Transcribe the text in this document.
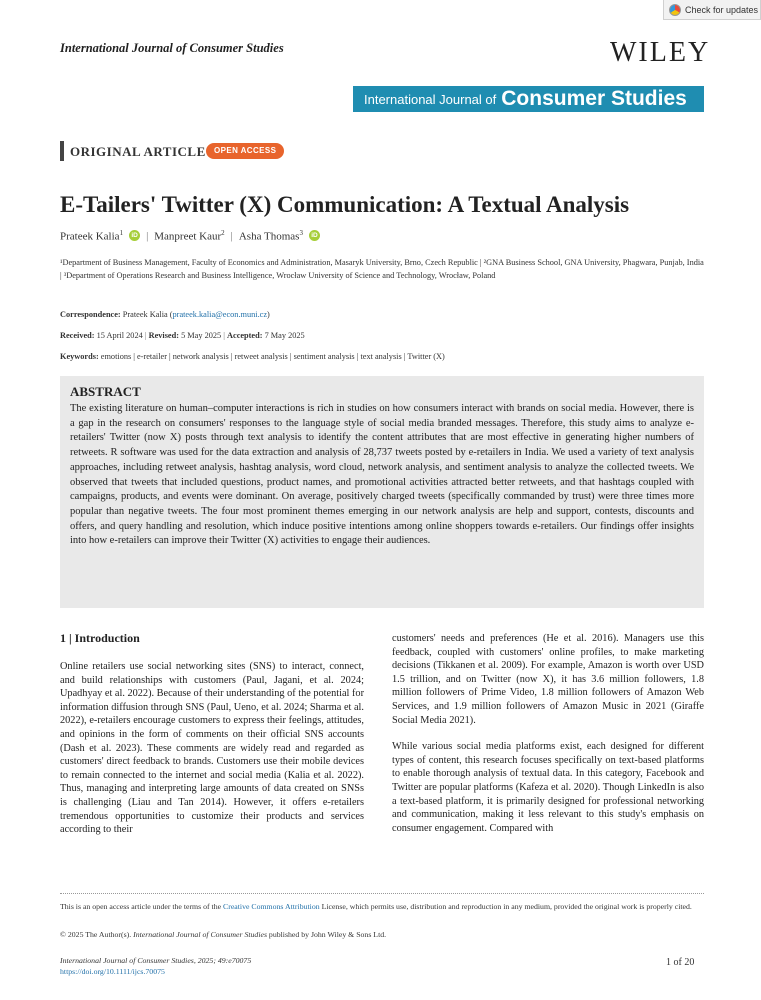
Check for updates
International Journal of Consumer Studies	WILEY
International Journal of Consumer Studies
ORIGINAL ARTICLE	OPEN ACCESS
E-Tailers' Twitter (X) Communication: A Textual Analysis
Prateek Kalia$^1$	iD | Manpreet Kaur$^2$ | Asha Thomas$^3$	iD
¹Department of Business Management, Faculty of Economics and Administration, Masaryk University, Brno, Czech Republic | ²GNA Business School, GNA University, Phagwara, Punjab, India | ³Department of Operations Research and Business Intelligence, Wrocław University of Science and Technology, Wrocław, Poland
Correspondence: Prateek Kalia (prateek.kalia@econ.muni.cz)
Received: 15 April 2024 | Revised: 5 May 2025 | Accepted: 7 May 2025
Keywords: emotions | e-retailer | network analysis | retweet analysis | sentiment analysis | text analysis | Twitter (X)
ABSTRACT
The existing literature on human–computer interactions is rich in studies on how consumers interact with brands on social media. However, there is a gap in the research on consumers' responses to the language style of social media branded messages. Therefore, this study aims to analyze e-retailers' Twitter (now X) posts through text analysis to identify the content attributes that are most effective in generating higher numbers of retweets. R software was used for the data extraction and analysis of 28,737 tweets posted by e-retailers in India. We used a variety of text analysis approaches, including retweet analysis, hashtag analysis, word cloud, network analysis, and sentiment analysis to analyze the collected tweets. We observed that tweets that included questions, product names, and promotional activities attracted better retweets, and that hashtags coupled with campaigns, products, and events were dominant. On average, positively charged tweets (specifically commanded by trust) were three times more popular than negative tweets. The four most prominent themes emerging in our network analysis are help and support, contests, discounts and offers, and query handling and resolution, which induce positive intentions among online shoppers towards e-retailers. Our findings offer insights into how e-retailers can improve their Twitter (X) activities to engage their audiences.
1 | Introduction

Online retailers use social networking sites (SNS) to interact, connect, and build relationships with customers (Paul, Jagani, et al. 2024; Upadhyay et al. 2022). Because of their understanding of the potential for information diffusion through SNS (Paul, Ueno, et al. 2024; Sharma et al. 2022), e-retailers encourage customers to express their feelings, attitudes, and opinions in the form of comments on their official SNS accounts (Dash et al. 2023). These comments are widely read and regarded as customers' direct feedback to brands. Customers use their mobile devices to remain connected to the internet and social media (Kalia et al. 2022). Thus, managing and interpreting large amounts of data created on SNSs is challenging (Liau and Tan 2014). However, it offers e-retailers tremendous opportunities to customize their products and services according to their

customers' needs and preferences (He et al. 2016). Managers use this feedback, coupled with customers' online profiles, to make marketing decisions (Tikkanen et al. 2009). For example, Amazon is worth over USD 1.5 trillion, and on Twitter (now X), it has 3.6 million followers, 1.8 million followers of Prime Video, 1.8 million followers of Amazon Web Services, and 1.9 million followers of Amazon Music in 2021 (Giraffe Social Media 2021).

While various social media platforms exist, each designed for different types of content, this research focuses specifically on text-based platforms to enable thorough analysis of textual data. In this category, Facebook and Twitter are popular platforms (Kafeza et al. 2020). Though LinkedIn is also a text-based platform, it is primarily designed for professional networking and communication, making it less relevant to this study's emphasis on consumer engagement. Compared with

This is an open access article under the terms of the Creative Commons Attribution License, which permits use, distribution and reproduction in any medium, provided the original work is properly cited.
© 2025 The Author(s). International Journal of Consumer Studies published by John Wiley & Sons Ltd.
International Journal of Consumer Studies, 2025; 49:e70075
https://doi.org/10.1111/ijcs.70075
1 of 20
